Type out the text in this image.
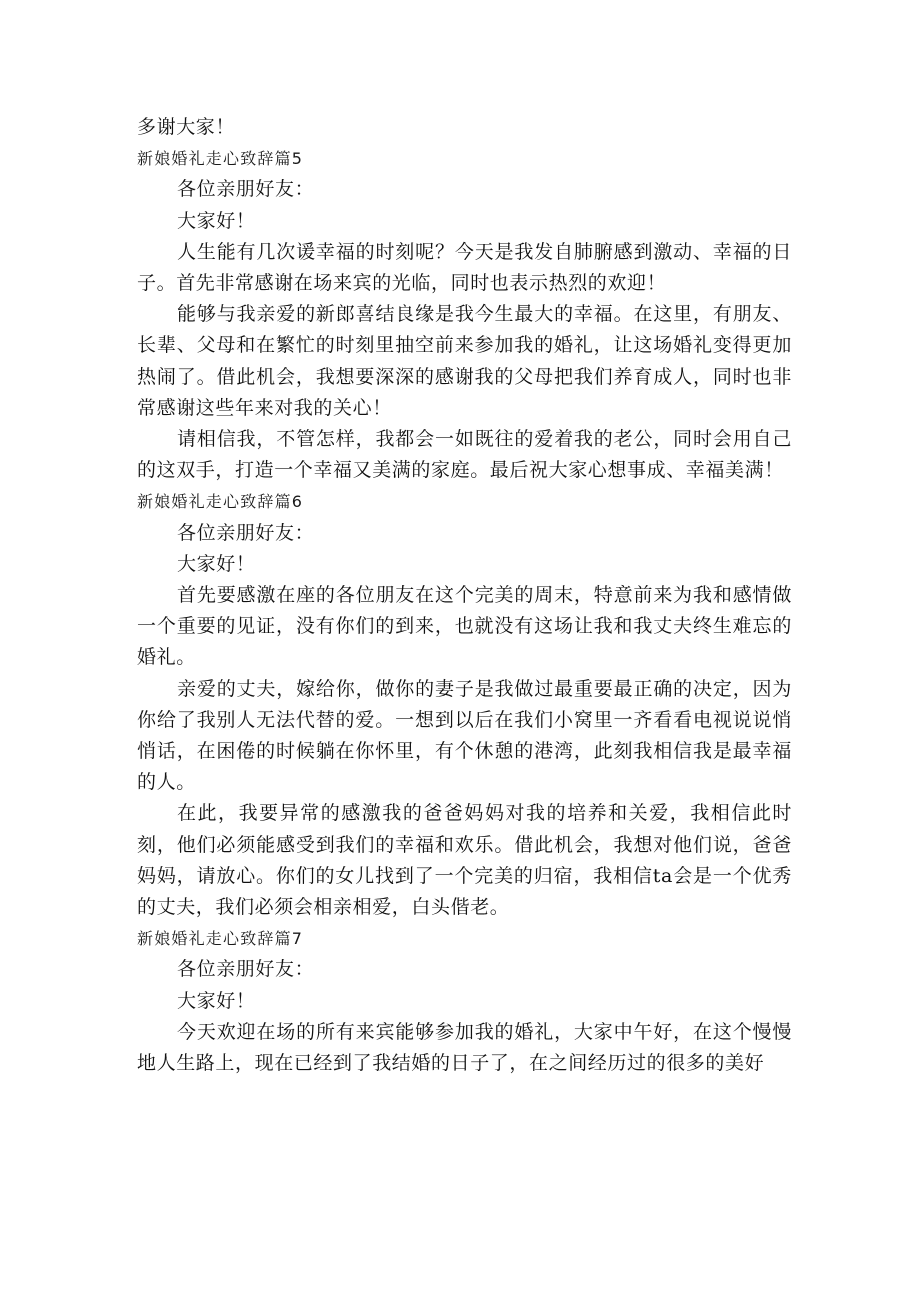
多谢大家！

新娘婚礼走心致辞篇5

各位亲朋好友：

大家好！

人生能有几次谖幸福的时刻呢？今天是我发自肺腑感到激动、幸福的日子。首先非常感谢在场来宾的光临，同时也表示热烈的欢迎！

能够与我亲爱的新郎喜结良缘是我今生最大的幸福。在这里，有朋友、长辈、父母和在繁忙的时刻里抽空前来参加我的婚礼，让这场婚礼变得更加热闹了。借此机会，我想要深深的感谢我的父母把我们养育成人，同时也非常感谢这些年来对我的关心！

请相信我，不管怎样，我都会一如既往的爱着我的老公，同时会用自己的这双手，打造一个幸福又美满的家庭。最后祝大家心想事成、幸福美满！

新娘婚礼走心致辞篇6

各位亲朋好友：

大家好！

首先要感激在座的各位朋友在这个完美的周末，特意前来为我和感情做一个重要的见证，没有你们的到来，也就没有这场让我和我丈夫终生难忘的婚礼。

亲爱的丈夫，嫁给你，做你的妻子是我做过最重要最正确的决定，因为你给了我别人无法代替的爱。一想到以后在我们小窝里一齐看看电视说说悄悄话，在困倦的时候躺在你怀里，有个休憩的港湾，此刻我相信我是最幸福的人。

在此，我要异常的感激我的爸爸妈妈对我的培养和关爱，我相信此时刻，他们必须能感受到我们的幸福和欢乐。借此机会，我想对他们说，爸爸妈妈，请放心。你们的女儿找到了一个完美的归宿，我相信ta会是一个优秀的丈夫，我们必须会相亲相爱，白头偕老。

新娘婚礼走心致辞篇7

各位亲朋好友：

大家好！

今天欢迎在场的所有来宾能够参加我的婚礼，大家中午好，在这个慢慢地人生路上，现在已经到了我结婚的日子了，在之间经历过的很多的美好
